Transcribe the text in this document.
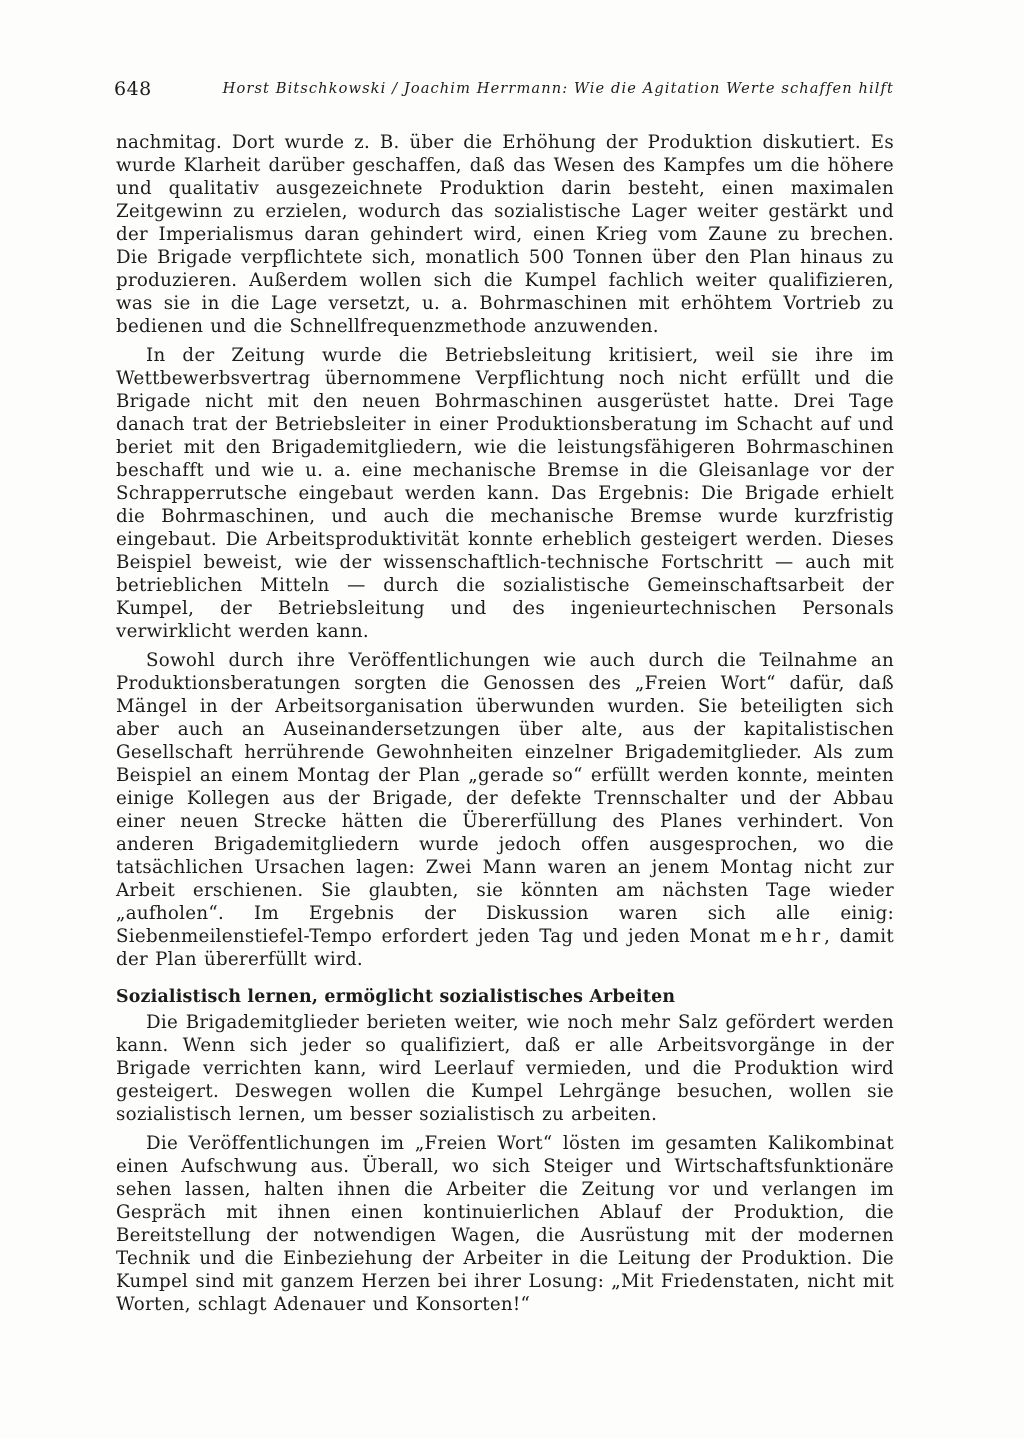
648	Horst Bitschkowski / Joachim Herrmann: Wie die Agitation Werte schaffen hilft

nachmitag. Dort wurde z. B. über die Erhöhung der Produktion diskutiert. Es wurde Klarheit darüber geschaffen, daß das Wesen des Kampfes um die höhere und qualitativ ausgezeichnete Produktion darin besteht, einen maximalen Zeitgewinn zu erzielen, wodurch das sozialistische Lager weiter gestärkt und der Imperialismus daran gehindert wird, einen Krieg vom Zaune zu brechen. Die Brigade verpflichtete sich, monatlich 500 Tonnen über den Plan hinaus zu produzieren. Außerdem wollen sich die Kumpel fachlich weiter qualifizieren, was sie in die Lage versetzt, u. a. Bohrmaschinen mit erhöhtem Vortrieb zu bedienen und die Schnellfrequenzmethode anzuwenden.

In der Zeitung wurde die Betriebsleitung kritisiert, weil sie ihre im Wettbewerbsvertrag übernommene Verpflichtung noch nicht erfüllt und die Brigade nicht mit den neuen Bohrmaschinen ausgerüstet hatte. Drei Tage danach trat der Betriebsleiter in einer Produktionsberatung im Schacht auf und beriet mit den Brigademitgliedern, wie die leistungsfähigeren Bohrmaschinen beschafft und wie u. a. eine mechanische Bremse in die Gleisanlage vor der Schrapperrutsche eingebaut werden kann. Das Ergebnis: Die Brigade erhielt die Bohrmaschinen, und auch die mechanische Bremse wurde kurzfristig eingebaut. Die Arbeitsproduktivität konnte erheblich gesteigert werden. Dieses Beispiel beweist, wie der wissenschaftlich-technische Fortschritt — auch mit betrieblichen Mitteln — durch die sozialistische Gemeinschaftsarbeit der Kumpel, der Betriebsleitung und des ingenieurtechnischen Personals verwirklicht werden kann.

Sowohl durch ihre Veröffentlichungen wie auch durch die Teilnahme an Produktionsberatungen sorgten die Genossen des „Freien Wort“ dafür, daß Mängel in der Arbeitsorganisation überwunden wurden. Sie beteiligten sich aber auch an Auseinandersetzungen über alte, aus der kapitalistischen Gesellschaft herrührende Gewohnheiten einzelner Brigademitglieder. Als zum Beispiel an einem Montag der Plan „gerade so“ erfüllt werden konnte, meinten einige Kollegen aus der Brigade, der defekte Trennschalter und der Abbau einer neuen Strecke hätten die Übererfüllung des Planes verhindert. Von anderen Brigademitgliedern wurde jedoch offen ausgesprochen, wo die tatsächlichen Ursachen lagen: Zwei Mann waren an jenem Montag nicht zur Arbeit erschienen. Sie glaubten, sie könnten am nächsten Tage wieder „aufholen“. Im Ergebnis der Diskussion waren sich alle einig: Siebenmeilenstiefel-Tempo erfordert jeden Tag und jeden Monat mehr, damit der Plan übererfüllt wird.

Sozialistisch lernen, ermöglicht sozialistisches Arbeiten

Die Brigademitglieder berieten weiter, wie noch mehr Salz gefördert werden kann. Wenn sich jeder so qualifiziert, daß er alle Arbeitsvorgänge in der Brigade verrichten kann, wird Leerlauf vermieden, und die Produktion wird gesteigert. Deswegen wollen die Kumpel Lehrgänge besuchen, wollen sie sozialistisch lernen, um besser sozialistisch zu arbeiten.

Die Veröffentlichungen im „Freien Wort“ lösten im gesamten Kalikombinat einen Aufschwung aus. Überall, wo sich Steiger und Wirtschaftsfunktionäre sehen lassen, halten ihnen die Arbeiter die Zeitung vor und verlangen im Gespräch mit ihnen einen kontinuierlichen Ablauf der Produktion, die Bereitstellung der notwendigen Wagen, die Ausrüstung mit der modernen Technik und die Einbeziehung der Arbeiter in die Leitung der Produktion. Die Kumpel sind mit ganzem Herzen bei ihrer Losung: „Mit Friedenstaten, nicht mit Worten, schlagt Adenauer und Konsorten!“
